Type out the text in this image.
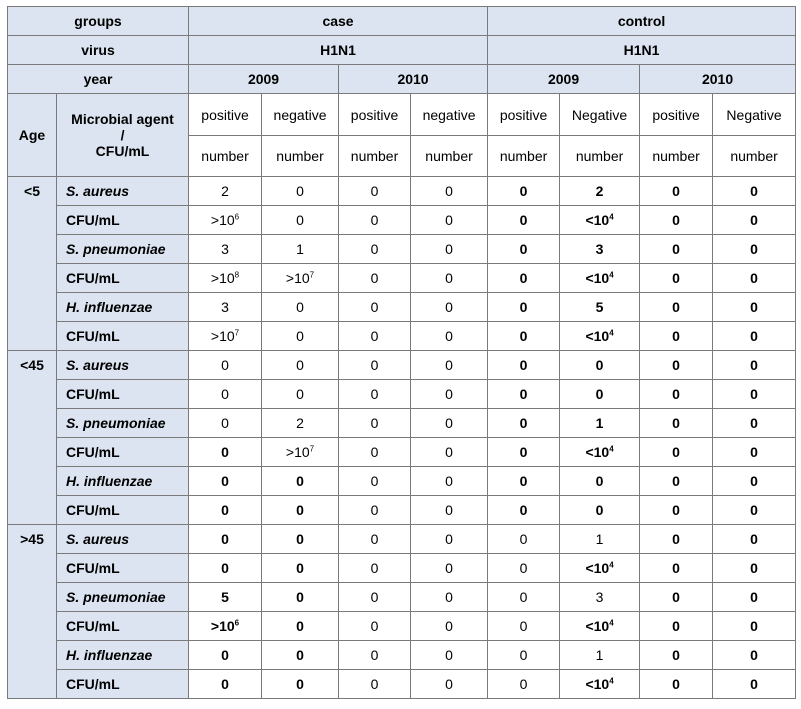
groups		case				control			
virus		H1N1				H1N1			
year		2009		2010		2009		2010	
Age	Microbial agent
/
CFU/mL	positive	negative	positive	negative	positive	Negative	positive	Negative
		number	number	number	number	number	number	number	number
<5	S. aureus	2	0	0	0	0	2	0	0
	CFU/mL	$>10^6$	0	0	0	0	$<10^4$	0	0
	S. pneumoniae	3	1	0	0	0	3	0	0
	CFU/mL	$>10^8$	$>10^7$	0	0	0	$<10^4$	0	0
	H. influenzae	3	0	0	0	0	5	0	0
	CFU/mL	$>10^7$	0	0	0	0	$<10^4$	0	0
<45	S. aureus	0	0	0	0	0	0	0	0
	CFU/mL	0	0	0	0	0	0	0	0
	S. pneumoniae	0	2	0	0	0	1	0	0
	CFU/mL	0	$>10^7$	0	0	0	$<10^4$	0	0
	H. influenzae	0	0	0	0	0	0	0	0
	CFU/mL	0	0	0	0	0	0	0	0
>45	S. aureus	0	0	0	0	0	1	0	0
	CFU/mL	0	0	0	0	0	$<10^4$	0	0
	S. pneumoniae	5	0	0	0	0	3	0	0
	CFU/mL	$>10^6$	0	0	0	0	$<10^4$	0	0
	H. influenzae	0	0	0	0	0	1	0	0
	CFU/mL	0	0	0	0	0	$<10^4$	0	0
